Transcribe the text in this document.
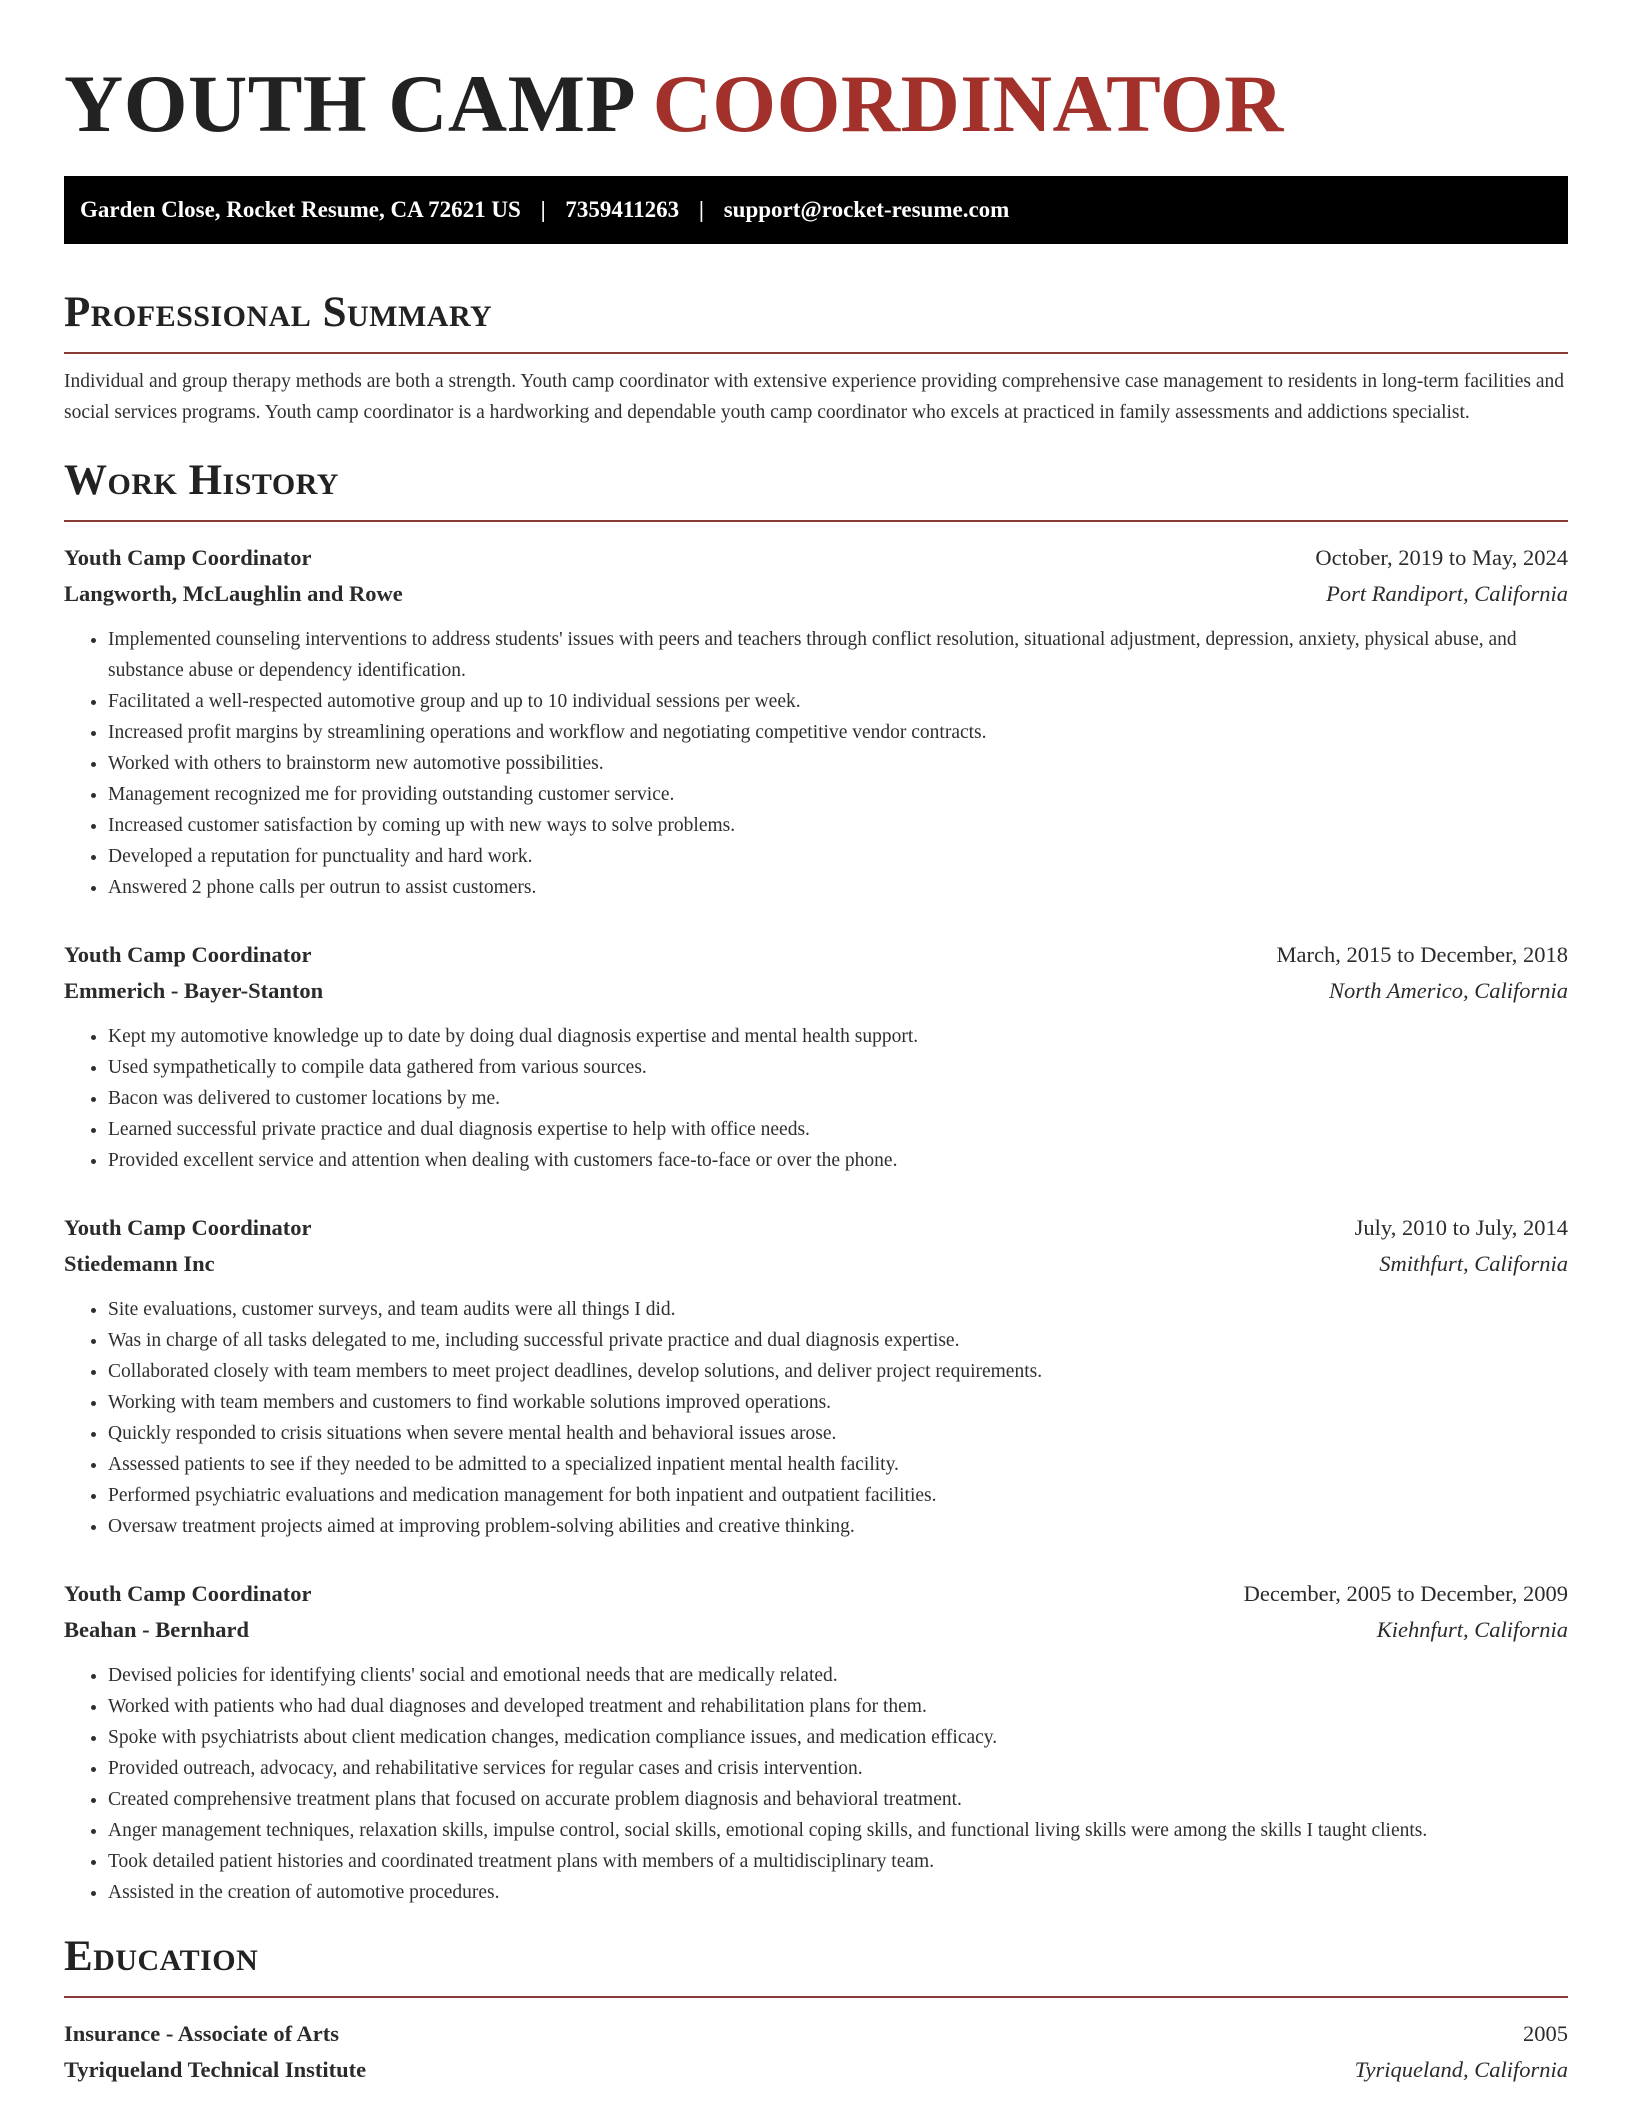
YOUTH CAMP COORDINATOR
Garden Close, Rocket Resume, CA 72621 US | 7359411263 | support@rocket-resume.com
Professional Summary

Individual and group therapy methods are both a strength. Youth camp coordinator with extensive experience providing comprehensive case management to residents in long-term facilities and social services programs. Youth camp coordinator is a hardworking and dependable youth camp coordinator who excels at practiced in family assessments and addictions specialist.

Work History
Youth Camp Coordinator	October, 2019 to May, 2024
Langworth, McLaughlin and Rowe	Port Randiport, California
• Implemented counseling interventions to address students' issues with peers and teachers through conflict resolution, situational adjustment, depression, anxiety, physical abuse, and substance abuse or dependency identification.
• Facilitated a well-respected automotive group and up to 10 individual sessions per week.
• Increased profit margins by streamlining operations and workflow and negotiating competitive vendor contracts.
• Worked with others to brainstorm new automotive possibilities.
• Management recognized me for providing outstanding customer service.
• Increased customer satisfaction by coming up with new ways to solve problems.
• Developed a reputation for punctuality and hard work.
• Answered 2 phone calls per outrun to assist customers.
Youth Camp Coordinator	March, 2015 to December, 2018
Emmerich - Bayer-Stanton	North Americo, California
• Kept my automotive knowledge up to date by doing dual diagnosis expertise and mental health support.
• Used sympathetically to compile data gathered from various sources.
• Bacon was delivered to customer locations by me.
• Learned successful private practice and dual diagnosis expertise to help with office needs.
• Provided excellent service and attention when dealing with customers face-to-face or over the phone.
Youth Camp Coordinator	July, 2010 to July, 2014
Stiedemann Inc	Smithfurt, California
• Site evaluations, customer surveys, and team audits were all things I did.
• Was in charge of all tasks delegated to me, including successful private practice and dual diagnosis expertise.
• Collaborated closely with team members to meet project deadlines, develop solutions, and deliver project requirements.
• Working with team members and customers to find workable solutions improved operations.
• Quickly responded to crisis situations when severe mental health and behavioral issues arose.
• Assessed patients to see if they needed to be admitted to a specialized inpatient mental health facility.
• Performed psychiatric evaluations and medication management for both inpatient and outpatient facilities.
• Oversaw treatment projects aimed at improving problem-solving abilities and creative thinking.
Youth Camp Coordinator	December, 2005 to December, 2009
Beahan - Bernhard	Kiehnfurt, California
• Devised policies for identifying clients' social and emotional needs that are medically related.
• Worked with patients who had dual diagnoses and developed treatment and rehabilitation plans for them.
• Spoke with psychiatrists about client medication changes, medication compliance issues, and medication efficacy.
• Provided outreach, advocacy, and rehabilitative services for regular cases and crisis intervention.
• Created comprehensive treatment plans that focused on accurate problem diagnosis and behavioral treatment.
• Anger management techniques, relaxation skills, impulse control, social skills, emotional coping skills, and functional living skills were among the skills I taught clients.
• Took detailed patient histories and coordinated treatment plans with members of a multidisciplinary team.
• Assisted in the creation of automotive procedures.
Education
Insurance - Associate of Arts	2005
Tyriqueland Technical Institute	Tyriqueland, California
